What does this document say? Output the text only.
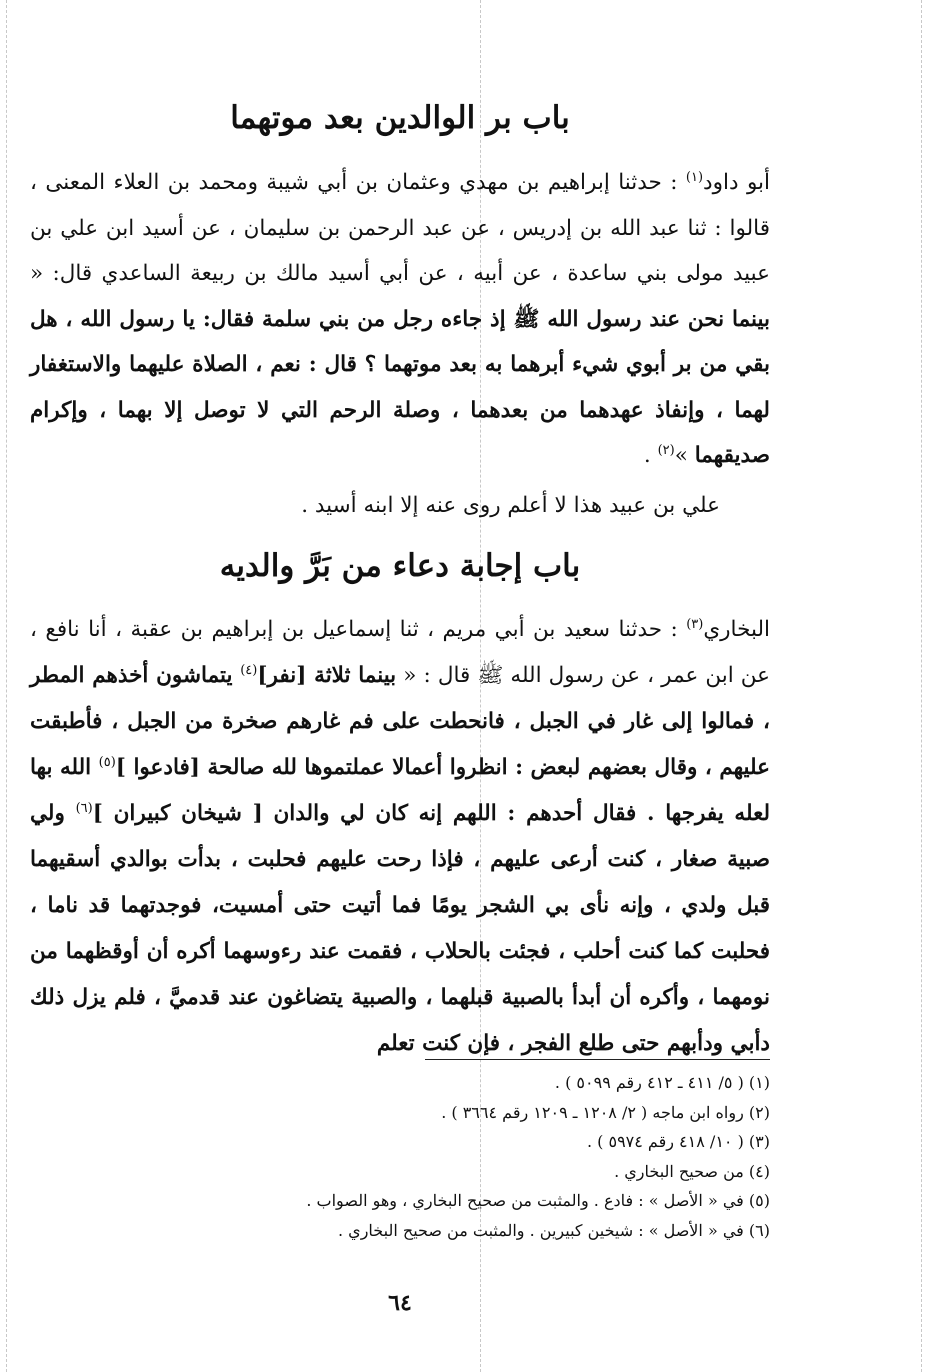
باب بر الوالدين بعد موتهما

أبو داود$^{(١)}$ : حدثنا إبراهيم بن مهدي وعثمان بن أبي شيبة ومحمد بن العلاء المعنى ، قالوا : ثنا عبد الله بن إدريس ، عن عبد الرحمن بن سليمان ، عن أسيد ابن علي بن عبيد مولى بني ساعدة ، عن أبيه ، عن أبي أسيد مالك بن ربيعة الساعدي قال: « بينما نحن عند رسول الله ﷺ إذ جاءه رجل من بني سلمة فقال: يا رسول الله ، هل بقي من بر أبوي شيء أبرهما به بعد موتهما ؟ قال : نعم ، الصلاة عليهما والاستغفار لهما ، وإنفاذ عهدهما من بعدهما ، وصلة الرحم التي لا توصل إلا بهما ، وإكرام صديقهما »$^{(٢)}$ .

علي بن عبيد هذا لا أعلم روى عنه إلا ابنه أسيد .

باب إجابة دعاء من بَرَّ والديه

البخاري$^{(٣)}$ : حدثنا سعيد بن أبي مريم ، ثنا إسماعيل بن إبراهيم بن عقبة ، أنا نافع ، عن ابن عمر ، عن رسول الله ﷺ قال : « بينما ثلاثة [نفر]$^{(٤)}$ يتماشون أخذهم المطر ، فمالوا إلى غار في الجبل ، فانحطت على فم غارهم صخرة من الجبل ، فأطبقت عليهم ، وقال بعضهم لبعض : انظروا أعمالا عملتموها لله صالحة [فادعوا ]$^{(٥)}$ الله بها لعله يفرجها . فقال أحدهم : اللهم إنه كان لي والدان [ شيخان كبيران ]$^{(٦)}$ ولي صبية صغار ، كنت أرعى عليهم ، فإذا رحت عليهم فحلبت ، بدأت بوالدي أسقيهما قبل ولدي ، وإنه نأى بي الشجر يومًا فما أتيت حتى أمسيت، فوجدتهما قد ناما ، فحلبت كما كنت أحلب ، فجئت بالحلاب ، فقمت عند رءوسهما أكره أن أوقظهما من نومهما ، وأكره أن أبدأ بالصبية قبلهما ، والصبية يتضاغون عند قدميَّ ، فلم يزل ذلك دأبي ودأبهم حتى طلع الفجر ، فإن كنت تعلم

(١) ( ٥/ ٤١١ ـ ٤١٢ رقم ٥٠٩٩ ) .
(٢) رواه ابن ماجه ( ٢/ ١٢٠٨ ـ ١٢٠٩ رقم ٣٦٦٤ ) .
(٣) ( ١٠/ ٤١٨ رقم ٥٩٧٤ ) .
(٤) من صحيح البخاري .
(٥) في « الأصل » : فادع . والمثبت من صحيح البخاري ، وهو الصواب .
(٦) في « الأصل » : شيخين كبيرين . والمثبت من صحيح البخاري .
٦٤
